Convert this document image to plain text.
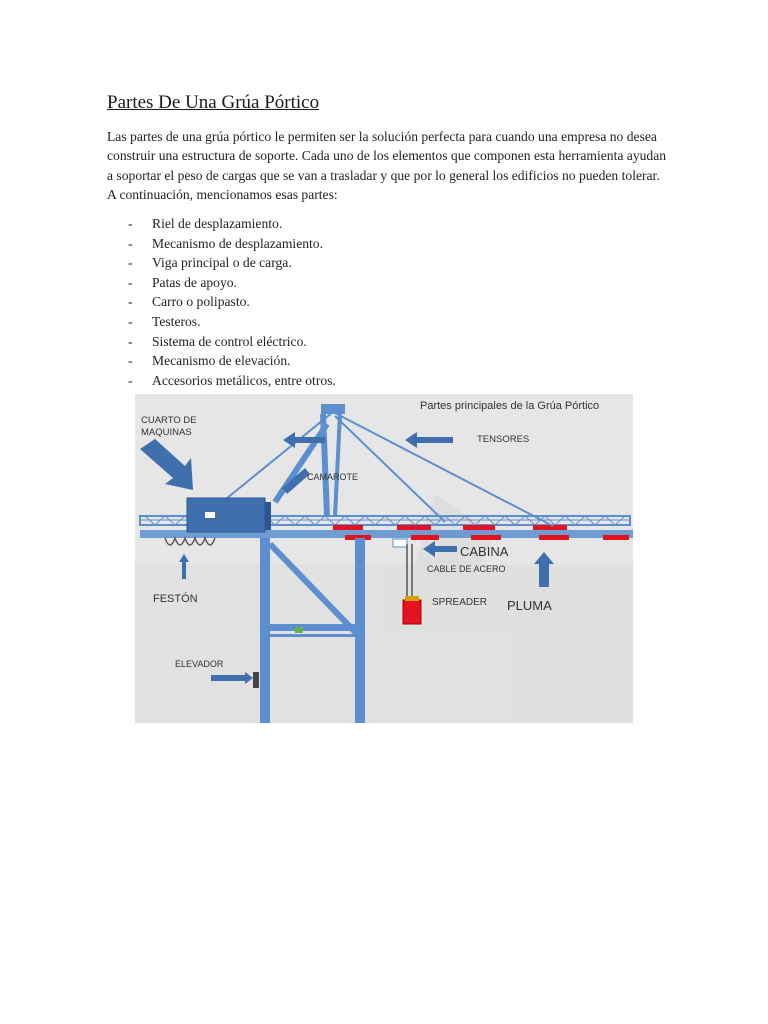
Partes De Una Grúa Pórtico

Las partes de una grúa pórtico le permiten ser la solución perfecta para cuando una empresa no desea construir una estructura de soporte. Cada uno de los elementos que componen esta herramienta ayudan a soportar el peso de cargas que se van a trasladar y que por lo general los edificios no pueden tolerar. A continuación, mencionamos esas partes:

- Riel de desplazamiento.
- Mecanismo de desplazamiento.
- Viga principal o de carga.
- Patas de apoyo.
- Carro o polipasto.
- Testeros.
- Sistema de control eléctrico.
- Mecanismo de elevación.
- Accesorios metálicos, entre otros.
Partes principales de la Grúa Pórtico
CUARTO DE
MAQUINAS
TENSORES
CAMAROTE
CABINA
CABLE DE ACERO
SPREADER PLUMA
FESTÓN
ELEVADOR
